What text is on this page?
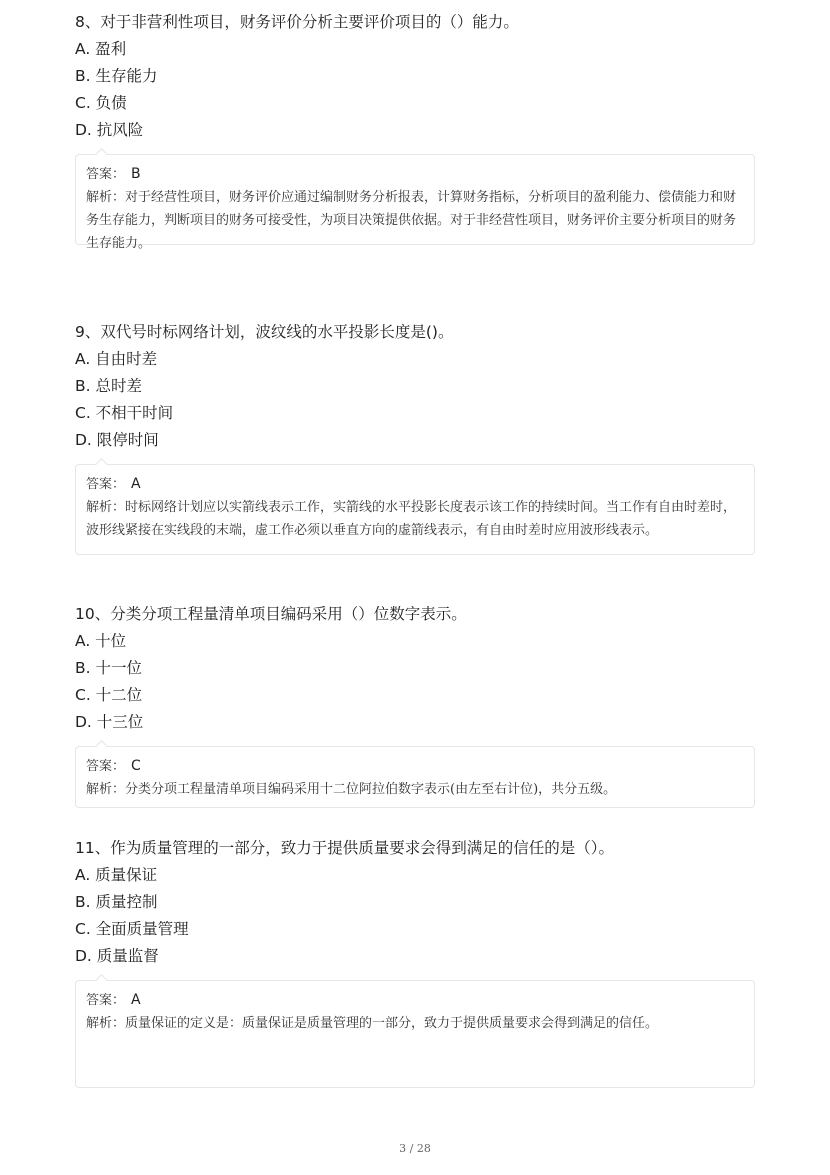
8、对于非营利性项目，财务评价分析主要评价项目的（）能力。

A. 盈利
B. 生存能力
C. 负债
D. 抗风险
答案： B
解析：对于经营性项目，财务评价应通过编制财务分析报表，计算财务指标，分析项目的盈利能力、偿债能力和财务生存能力，判断项目的财务可接受性，为项目决策提供依据。对于非经营性项目，财务评价主要分析项目的财务生存能力。

9、双代号时标网络计划，波纹线的水平投影长度是()。

A. 自由时差
B. 总时差
C. 不相干时间
D. 限停时间
答案： A
解析：时标网络计划应以实箭线表示工作，实箭线的水平投影长度表示该工作的持续时间。当工作有自由时差时，波形线紧接在实线段的末端，虚工作必须以垂直方向的虚箭线表示，有自由时差时应用波形线表示。

10、分类分项工程量清单项目编码采用（）位数字表示。

A. 十位
B. 十一位
C. 十二位
D. 十三位
答案： C
解析：分类分项工程量清单项目编码采用十二位阿拉伯数字表示(由左至右计位)，共分五级。

11、作为质量管理的一部分，致力于提供质量要求会得到满足的信任的是（）。

A. 质量保证
B. 质量控制
C. 全面质量管理
D. 质量监督
答案： A
解析：质量保证的定义是：质量保证是质量管理的一部分，致力于提供质量要求会得到满足的信任。
3 / 28
